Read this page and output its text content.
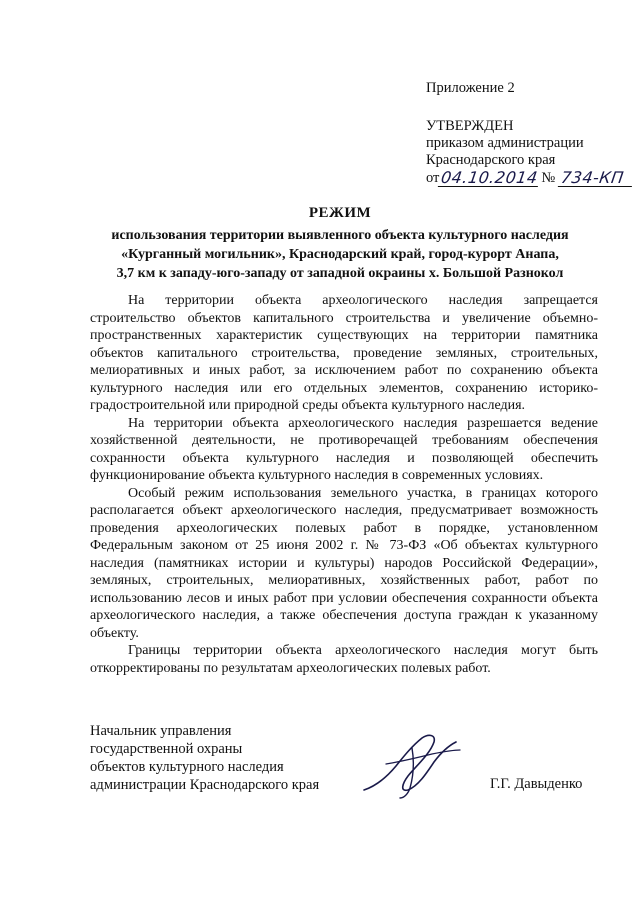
Приложение 2
УТВЕРЖДЕН
приказом администрации
Краснодарского края
от 04.10.2014 № 734-КП
РЕЖИМ
использования территории выявленного объекта культурного наследия
«Курганный могильник», Краснодарский край, город-курорт Анапа,
3,7 км к западу-юго-западу от западной окраины х. Большой Разнокол

На территории объекта археологического наследия запрещается строительство объектов капитального строительства и увеличение объемно-пространственных характеристик существующих на территории памятника объектов капитального строительства, проведение земляных, строительных, мелиоративных и иных работ, за исключением работ по сохранению объекта культурного наследия или его отдельных элементов, сохранению историко-градостроительной или природной среды объекта культурного наследия.

На территории объекта археологического наследия разрешается ведение хозяйственной деятельности, не противоречащей требованиям обеспечения сохранности объекта культурного наследия и позволяющей обеспечить функционирование объекта культурного наследия в современных условиях.

Особый режим использования земельного участка, в границах которого располагается объект археологического наследия, предусматривает возможность проведения археологических полевых работ в порядке, установленном Федеральным законом от 25 июня 2002 г. № 73-ФЗ «Об объектах культурного наследия (памятниках истории и культуры) народов Российской Федерации», земляных, строительных, мелиоративных, хозяйственных работ, работ по использованию лесов и иных работ при условии обеспечения сохранности объекта археологического наследия, а также обеспечения доступа граждан к указанному объекту.

Границы территории объекта археологического наследия могут быть откорректированы по результатам археологических полевых работ.

Начальник управления
государственной охраны
объектов культурного наследия
администрации Краснодарского края	Г.Г. Давыденко
